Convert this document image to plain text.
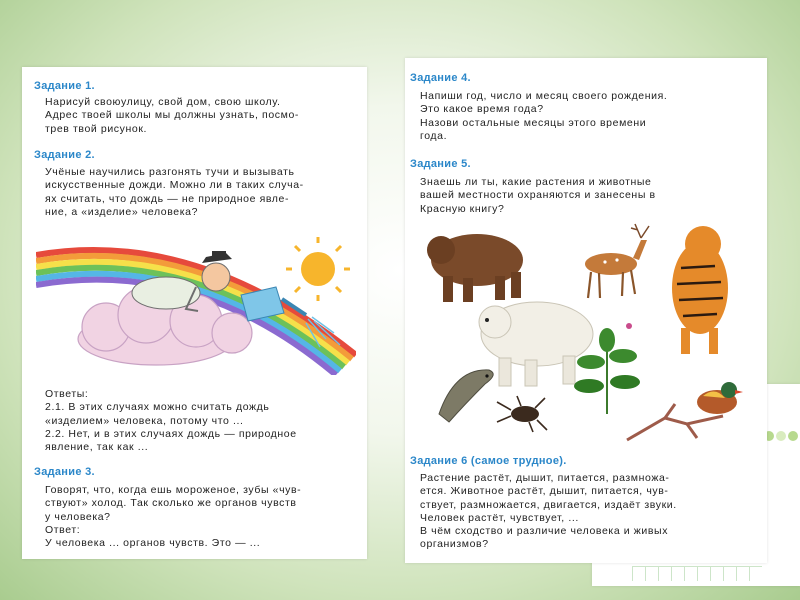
Задание 1.
Нарисуй своюулицу, свой дом, свою школу.
Адрес твоей школы мы должны узнать, посмо-
трев твой рисунок.
Задание 2.
Учёные научились разгонять тучи и вызывать
искусственные дожди. Можно ли в таких случа-
ях считать, что дождь — не природное явле-
ние, а «изделие» человека?
Ответы:
2.1. В этих случаях можно считать дождь
«изделием» человека, потому что ...
2.2. Нет, и в этих случаях дождь — природное
явление, так как ...
Задание 3.
Говорят, что, когда ешь мороженое, зубы «чув-
ствуют» холод. Так сколько же органов чувств
у человека?
Ответ:
У человека ... органов чувств. Это — ...
Задание 4.
Напиши год, число и месяц своего рождения.
Это какое время года?
Назови остальные месяцы этого времени
года.
Задание 5.
Знаешь ли ты, какие растения и животные
вашей местности охраняются и занесены в
Красную книгу?
Задание 6 (самое трудное).
Растение растёт, дышит, питается, размножа-
ется. Животное растёт, дышит, питается, чув-
ствует, размножается, двигается, издаёт звуки.
Человек растёт, чувствует, ...
В чём сходство и различие человека и живых
организмов?
